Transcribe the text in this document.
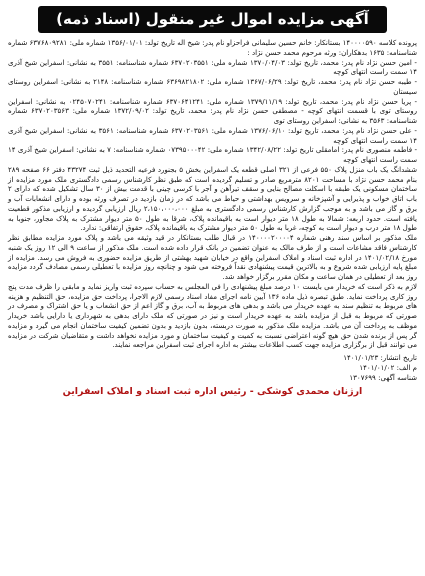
آگهی مزایده اموال غیر منقول (اسناد ذمه)

پرونده کلاسه ۱۴۰۰۰۰۵۹۰ بستانکار: خانم حسین سلیمانی فراحزاو نام پدر: شیخ اله تاریخ تولد: ۱۳۵۶/۰۱/۰۱ شماره ملی: ۶۳۷۶۸۰۹۲۸۱ شماره شناسنامه: ۱۶۳۵ بدهکاران: ورثه مرحوم محمد حسن نژاد :

- امین حسن نژاد نام پدر: محمد، تاریخ تولد: ۱۳۷۰/۰۴/۰۳ شماره ملی: ۶۳۷۰۲۰۳۵۵۱ شماره شناسنامه: ۳۵۵۱ به نشانی: اسفراین شیخ آذری ۱۴ سمت راست انتهای کوچه

- طیبه حسن نژاد نام پدر: محمد، تاریخ تولد: ۱۳۶۷/۰۶/۲۹ شماره ملی: ۶۳۶۹۸۲۱۸۰۲ شماره شناسنامه: ۲۱۴۸ به نشانی: اسفراین روستای سیستان

- پریا حسن نژاد نام پدر: محمد، تاریخ تولد: ۱۳۷۹/۱۱/۱۹ شماره ملی: ۶۳۷۰۶۴۱۲۴۱ شماره شناسنامه: ۰۲۴۵۰۷۰۲۴۱ به نشانی: اسفراین روستای توی با قسمت انتهای کوچه - مصطفی حسن نژاد نام پدر: محمد، تاریخ تولد: ۱۳۷۲/۰۹/۰۲ شماره ملی: ۶۳۷۰۲۰۳۵۶۳ شماره شناسنامه: ۳۵۶۳ به نشانی: اسفراین روستای توی

- علی حسن نژاد نام پدر: محمد، تاریخ تولد: ۱۳۷۶/۰۶/۱۰ شماره ملی: ۶۳۷۰۲۰۳۵۶۱ شماره شناسنامه: ۳۵۶۱ به نشانی: اسفراین شیخ آذری ۱۴ سمت راست انتهای کوچه

- فاطمه منصوری نام پدر: امامقلی تاریخ تولد: ۱۳۴۲/۰۸/۲۲ شماره ملی: ۰۷۳۹۵۰۰۰۴۲ شماره شناسنامه: ۷ به نشانی: اسفراین شیخ آذری ۱۴ سمت راست انتهای کوچه

ششدانگ یک باب منزل پلاک ۵۵۰ فرعی از ۳۲۱ اصلی قطعه یک اسفراین بخش ۵ بجنورد فرعیه التحدید ذیل ثبت ۴۳۲۷۴ دفتر ۶۶ صفحه ۲۸۹ بنام محمد حسن نژاد با مساحت ۸۲۰۱ مترمربع صادر و تسلیم گردیده است که طبق نظر کارشناس رسمی دادگستری ملک مورد مزایده از ساختمان مسکونی یک طبقه با اسکلت مصالح بنایی و سقف تیرآهن و آجر با کرسی چینی با قدمت بیش از ۳۰ سال تشکیل شده که دارای ۲ باب اتاق خواب و پذیرایی و آشپزخانه و سرویس بهداشتی و حیاط می باشد که در زمان بازدید در تصرف ورثه بوده و دارای انشعابات آب و برق و گاز می باشد و به موجب گزارش کارشناس رسمی دادگستری به مبلغ ۲،۱۵۰،۰۰۰،۰۰۰ ریال ارزیابی گردیده و ارزیابی مذکور قطعیت یافته است. حدود اربعه: شمالا به طول ۱۸ متر دیوار است به باقیمانده پلاک، شرقا به طول ۵۰ متر دیوار مشترک به پلاک مجاور، جنوبا به طول ۱۸ متر درب و دیوار است به کوچه، غربا به طول ۵۰ متر دیوار مشترک به باقیمانده پلاک، حقوق ارتفاقی: ندارد.

ملک مذکور بر اساس سند رهنی شماره ۱۴۰۰۰۰۲۰۰۰۰۴ در قبال طلب بستانکار در قید وثیقه می باشد و پلاک مورد مزایده مطابق نظر کارشناس فاقد مشاعات است و از طرف مالک به عنوان تضمین در بانک قرار داده شده است. ملک مذکور از ساعت ۹ الی ۱۲ روز یک شنبه مورخ ۱۴۰۱/۰۲/۱۸ در اداره ثبت اسناد و املاک اسفراین واقع در خیابان شهید بهشتی از طریق مزایده حضوری به فروش می رسد. مزایده از مبلغ پایه ارزیابی شده شروع و به بالاترین قیمت پیشنهادی نقداً فروخته می شود و چنانچه روز مزایده با تعطیلی رسمی مصادف گردد مزایده روز بعد از تعطیلی در همان ساعت و مکان مقرر برگزار خواهد شد.

لازم به ذکر است که خریدار می بایست ۱۰ درصد مبلغ پیشنهادی را فی المجلس به حساب سپرده ثبت واریز نماید و مابقی را ظرف مدت پنج روز کاری پرداخت نماید. طبق تبصره ذیل ماده ۱۳۶ آیین نامه اجرای مفاد اسناد رسمی لازم الاجرا، پرداخت حق مزایده، حق التنظیم و هزینه های مربوط به تنظیم سند به عهده خریدار می باشد و بدهی های مربوط به آب، برق و گاز اعم از حق انشعاب و یا حق اشتراک و مصرف در صورتی که مربوط به قبل از مزایده باشد به عهده خریدار است و نیز در صورتی که ملک دارای بدهی به شهرداری یا دارایی باشد خریدار موظف به پرداخت آن می باشد. مزایده ملک مذکور به صورت دربسته، بدون بازدید و بدون تضمین کیفیت ساختمان انجام می گیرد و مزایده گر پس از برنده شدن حق هیچ گونه اعتراضی نسبت به کمیت و کیفیت ساختمان و مورد مزایده نخواهد داشت و متقاضیان شرکت در مزایده می توانند قبل از برگزاری مزایده جهت کسب اطلاعات بیشتر به اداره اجرای ثبت اسفراین مراجعه نمایند.

تاریخ انتشار: ۱۴۰۱/۰۱/۲۳
م الف: ۱۴۰۱/۰۱/۰۲
شناسه آگهی: ۱۳۰۷۶۹۹
ارژنان محمدی کوشکی - رئیس اداره ثبت اسناد و املاک اسفراین
